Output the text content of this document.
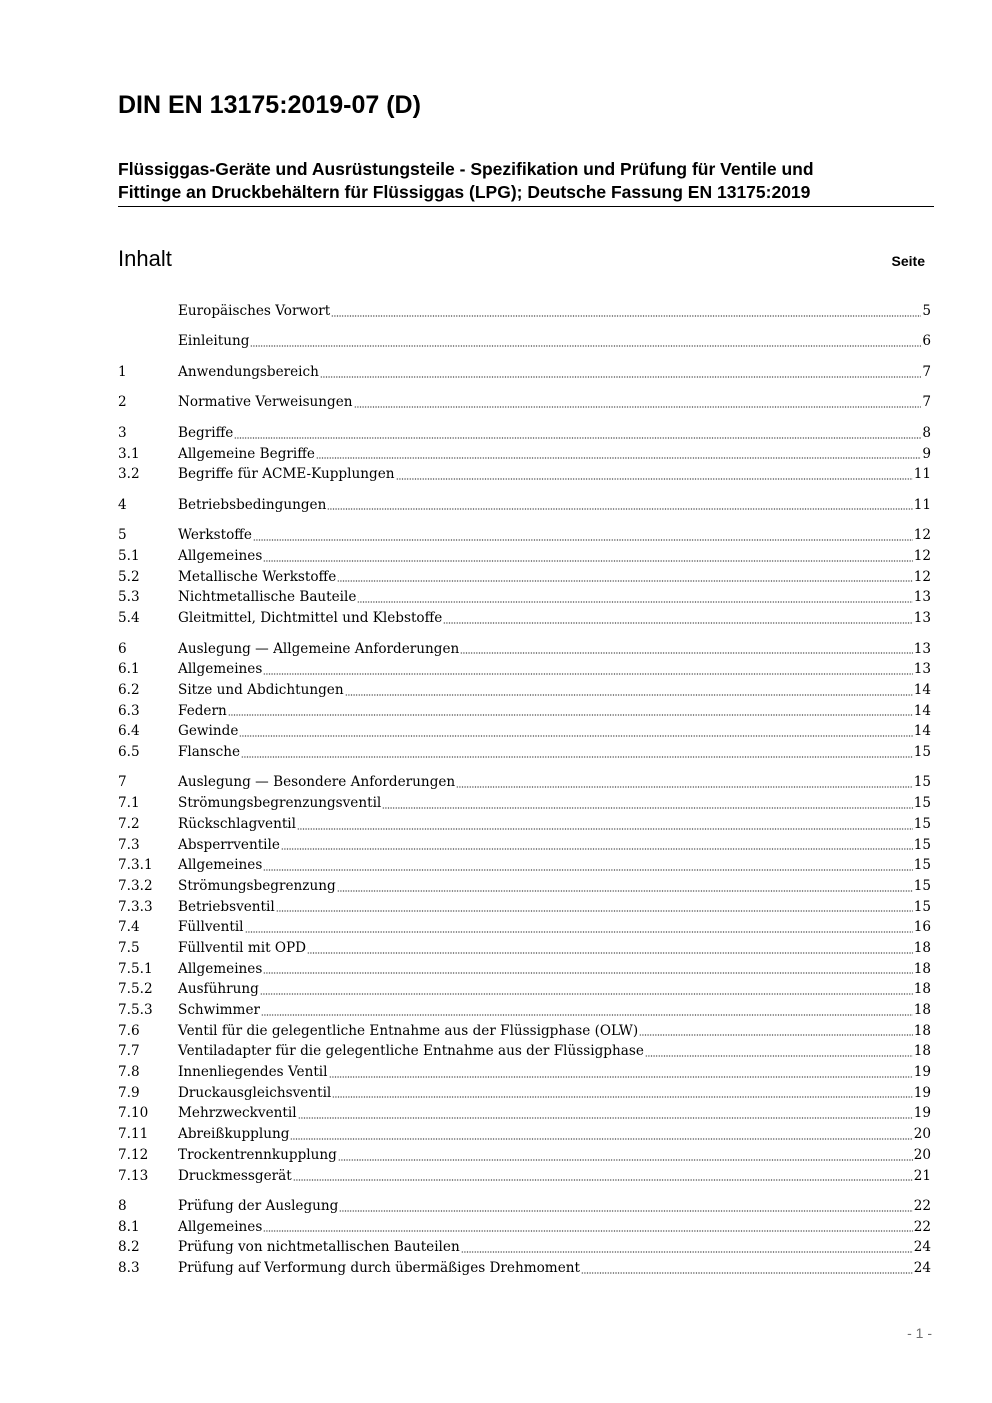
DIN EN 13175:2019-07 (D)
Flüssiggas-Geräte und Ausrüstungsteile - Spezifikation und Prüfung für Ventile und
Fittinge an Druckbehältern für Flüssiggas (LPG); Deutsche Fassung EN 13175:2019
Inhalt	Seite
Europäisches Vorwort	5
Einleitung	6
1	Anwendungsbereich	7
2	Normative Verweisungen	7
3	Begriffe	8
3.1	Allgemeine Begriffe	9
3.2	Begriffe für ACME-Kupplungen	11
4	Betriebsbedingungen	11
5	Werkstoffe	12
5.1	Allgemeines	12
5.2	Metallische Werkstoffe	12
5.3	Nichtmetallische Bauteile	13
5.4	Gleitmittel, Dichtmittel und Klebstoffe	13
6	Auslegung — Allgemeine Anforderungen	13
6.1	Allgemeines	13
6.2	Sitze und Abdichtungen	14
6.3	Federn	14
6.4	Gewinde	14
6.5	Flansche	15
7	Auslegung — Besondere Anforderungen	15
7.1	Strömungsbegrenzungsventil	15
7.2	Rückschlagventil	15
7.3	Absperrventile	15
7.3.1	Allgemeines	15
7.3.2	Strömungsbegrenzung	15
7.3.3	Betriebsventil	15
7.4	Füllventil	16
7.5	Füllventil mit OPD	18
7.5.1	Allgemeines	18
7.5.2	Ausführung	18
7.5.3	Schwimmer	18
7.6	Ventil für die gelegentliche Entnahme aus der Flüssigphase (OLW)	18
7.7	Ventiladapter für die gelegentliche Entnahme aus der Flüssigphase	18
7.8	Innenliegendes Ventil	19
7.9	Druckausgleichsventil	19
7.10	Mehrzweckventil	19
7.11	Abreißkupplung	20
7.12	Trockentrennkupplung	20
7.13	Druckmessgerät	21
8	Prüfung der Auslegung	22
8.1	Allgemeines	22
8.2	Prüfung von nichtmetallischen Bauteilen	24
8.3	Prüfung auf Verformung durch übermäßiges Drehmoment	24
- 1 -
